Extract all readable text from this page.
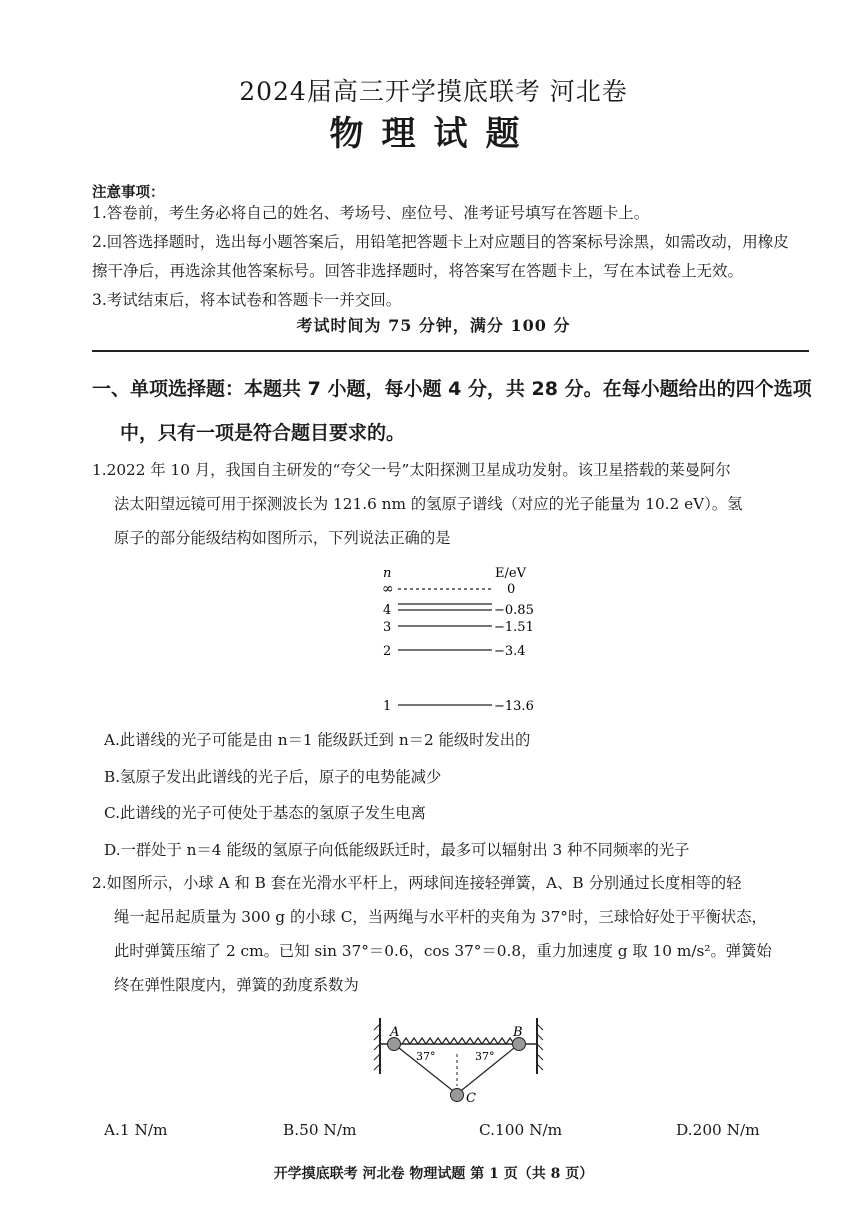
2024届高三开学摸底联考 河北卷
物理试题
注意事项：
1.答卷前，考生务必将自己的姓名、考场号、座位号、准考证号填写在答题卡上。
2.回答选择题时，选出每小题答案后，用铅笔把答题卡上对应题目的答案标号涂黑，如需改动，用橡皮
擦干净后，再选涂其他答案标号。回答非选择题时，将答案写在答题卡上，写在本试卷上无效。
3.考试结束后，将本试卷和答题卡一并交回。
考试时间为 75 分钟，满分 100 分
一、单项选择题：本题共 7 小题，每小题 4 分，共 28 分。在每小题给出的四个选项
中，只有一项是符合题目要求的。
1.2022 年 10 月，我国自主研发的“夸父一号”太阳探测卫星成功发射。该卫星搭载的莱曼阿尔
法太阳望远镜可用于探测波长为 121.6 nm 的氢原子谱线（对应的光子能量为 10.2 eV）。氢
原子的部分能级结构如图所示，下列说法正确的是
n	E/eV
∞	0
4	−0.85
3	−1.51
2	−3.4
1	−13.6
A.此谱线的光子可能是由 n＝1 能级跃迁到 n＝2 能级时发出的
B.氢原子发出此谱线的光子后，原子的电势能减少
C.此谱线的光子可使处于基态的氢原子发生电离
D.一群处于 n＝4 能级的氢原子向低能级跃迁时，最多可以辐射出 3 种不同频率的光子
2.如图所示，小球 A 和 B 套在光滑水平杆上，两球间连接轻弹簧，A、B 分别通过长度相等的轻
绳一起吊起质量为 300 g 的小球 C，当两绳与水平杆的夹角为 37°时，三球恰好处于平衡状态，
此时弹簧压缩了 2 cm。已知 sin 37°＝0.6，cos 37°＝0.8，重力加速度 g 取 10 m/s²。弹簧始
终在弹性限度内，弹簧的劲度系数为
A	B
C
37°	37°
A.1 N/m	B.50 N/m	C.100 N/m	D.200 N/m
开学摸底联考 河北卷 物理试题 第 1 页（共 8 页）
